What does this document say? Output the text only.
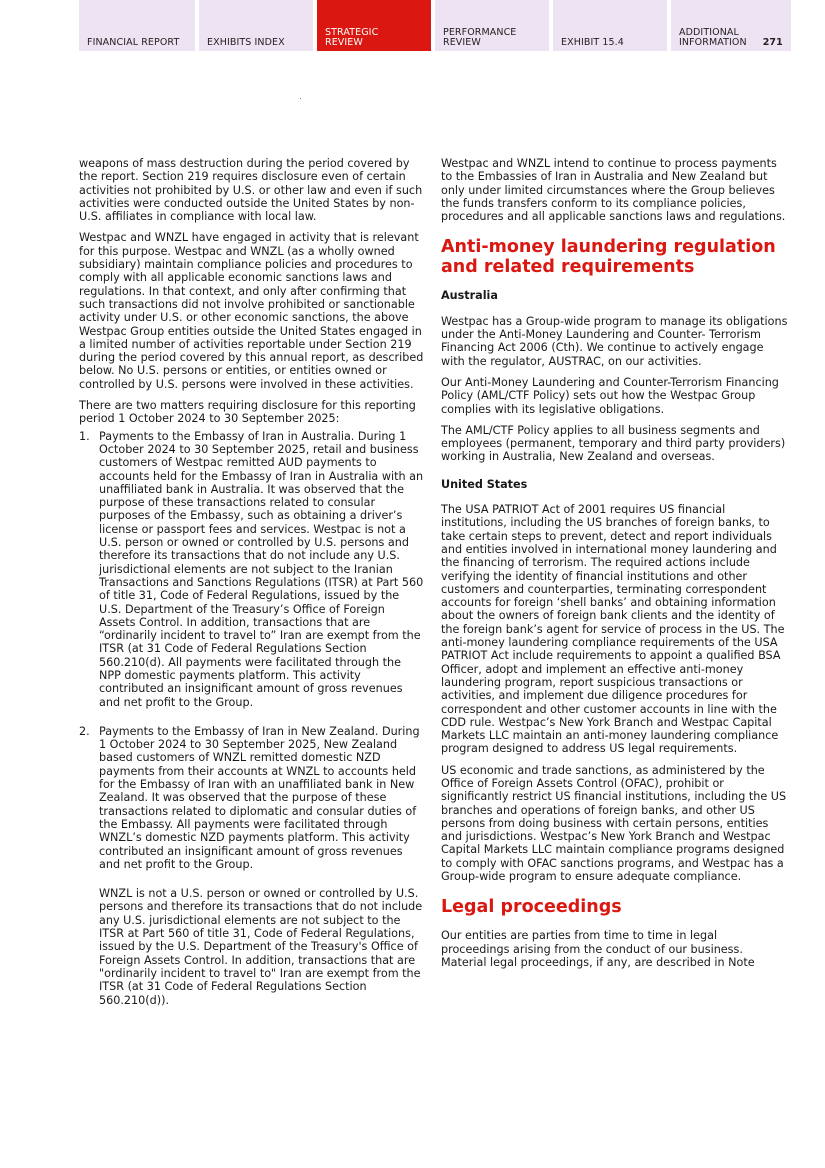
FINANCIAL REPORT	EXHIBITS INDEX
STRATEGIC
REVIEW
PERFORMANCE
REVIEW	EXHIBIT 15.4
ADDITIONAL
INFORMATION 271

weapons of mass destruction during the period covered by the report. Section 219 requires disclosure even of certain activities not prohibited by U.S. or other law and even if such activities were conducted outside the United States by non-U.S. affiliates in compliance with local law.

Westpac and WNZL have engaged in activity that is relevant for this purpose. Westpac and WNZL (as a wholly owned subsidiary) maintain compliance policies and procedures to comply with all applicable economic sanctions laws and regulations. In that context, and only after confirming that such transactions did not involve prohibited or sanctionable activity under U.S. or other economic sanctions, the above Westpac Group entities outside the United States engaged in a limited number of activities reportable under Section 219 during the period covered by this annual report, as described below. No U.S. persons or entities, or entities owned or controlled by U.S. persons were involved in these activities.

There are two matters requiring disclosure for this reporting period 1 October 2024 to 30 September 2025:

1. Payments to the Embassy of Iran in Australia. During 1 October 2024 to 30 September 2025, retail and business customers of Westpac remitted AUD payments to accounts held for the Embassy of Iran in Australia with an unaffiliated bank in Australia. It was observed that the purpose of these transactions related to consular purposes of the Embassy, such as obtaining a driver’s license or passport fees and services. Westpac is not a U.S. person or owned or controlled by U.S. persons and therefore its transactions that do not include any U.S. jurisdictional elements are not subject to the Iranian Transactions and Sanctions Regulations (ITSR) at Part 560 of title 31, Code of Federal Regulations, issued by the U.S. Department of the Treasury’s Office of Foreign Assets Control. In addition, transactions that are “ordinarily incident to travel to” Iran are exempt from the ITSR (at 31 Code of Federal Regulations Section 560.210(d). All payments were facilitated through the NPP domestic payments platform. This activity contributed an insignificant amount of gross revenues and net profit to the Group.

2. Payments to the Embassy of Iran in New Zealand. During 1 October 2024 to 30 September 2025, New Zealand based customers of WNZL remitted domestic NZD payments from their accounts at WNZL to accounts held for the Embassy of Iran with an unaffiliated bank in New Zealand. It was observed that the purpose of these transactions related to diplomatic and consular duties of the Embassy. All payments were facilitated through WNZL’s domestic NZD payments platform. This activity contributed an insignificant amount of gross revenues and net profit to the Group.

WNZL is not a U.S. person or owned or controlled by U.S. persons and therefore its transactions that do not include any U.S. jurisdictional elements are not subject to the ITSR at Part 560 of title 31, Code of Federal Regulations, issued by the U.S. Department of the Treasury's Office of Foreign Assets Control. In addition, transactions that are "ordinarily incident to travel to" Iran are exempt from the ITSR (at 31 Code of Federal Regulations Section 560.210(d)).

Westpac and WNZL intend to continue to process payments to the Embassies of Iran in Australia and New Zealand but only under limited circumstances where the Group believes the funds transfers conform to its compliance policies, procedures and all applicable sanctions laws and regulations.

Anti-money laundering regulation and related requirements
Australia

Westpac has a Group-wide program to manage its obligations under the Anti-Money Laundering and Counter- Terrorism Financing Act 2006 (Cth). We continue to actively engage with the regulator, AUSTRAC, on our activities.

Our Anti-Money Laundering and Counter-Terrorism Financing Policy (AML/CTF Policy) sets out how the Westpac Group complies with its legislative obligations.

The AML/CTF Policy applies to all business segments and employees (permanent, temporary and third party providers) working in Australia, New Zealand and overseas.

United States

The USA PATRIOT Act of 2001 requires US financial institutions, including the US branches of foreign banks, to take certain steps to prevent, detect and report individuals and entities involved in international money laundering and the financing of terrorism. The required actions include verifying the identity of financial institutions and other customers and counterparties, terminating correspondent accounts for foreign ‘shell banks’ and obtaining information about the owners of foreign bank clients and the identity of the foreign bank’s agent for service of process in the US. The anti-money laundering compliance requirements of the USA PATRIOT Act include requirements to appoint a qualified BSA Officer, adopt and implement an effective anti-money laundering program, report suspicious transactions or activities, and implement due diligence procedures for correspondent and other customer accounts in line with the CDD rule. Westpac’s New York Branch and Westpac Capital Markets LLC maintain an anti-money laundering compliance program designed to address US legal requirements.

US economic and trade sanctions, as administered by the Office of Foreign Assets Control (OFAC), prohibit or significantly restrict US financial institutions, including the US branches and operations of foreign banks, and other US persons from doing business with certain persons, entities and jurisdictions. Westpac’s New York Branch and Westpac Capital Markets LLC maintain compliance programs designed to comply with OFAC sanctions programs, and Westpac has a Group-wide program to ensure adequate compliance.

Legal proceedings

Our entities are parties from time to time in legal proceedings arising from the conduct of our business. Material legal proceedings, if any, are described in Note
